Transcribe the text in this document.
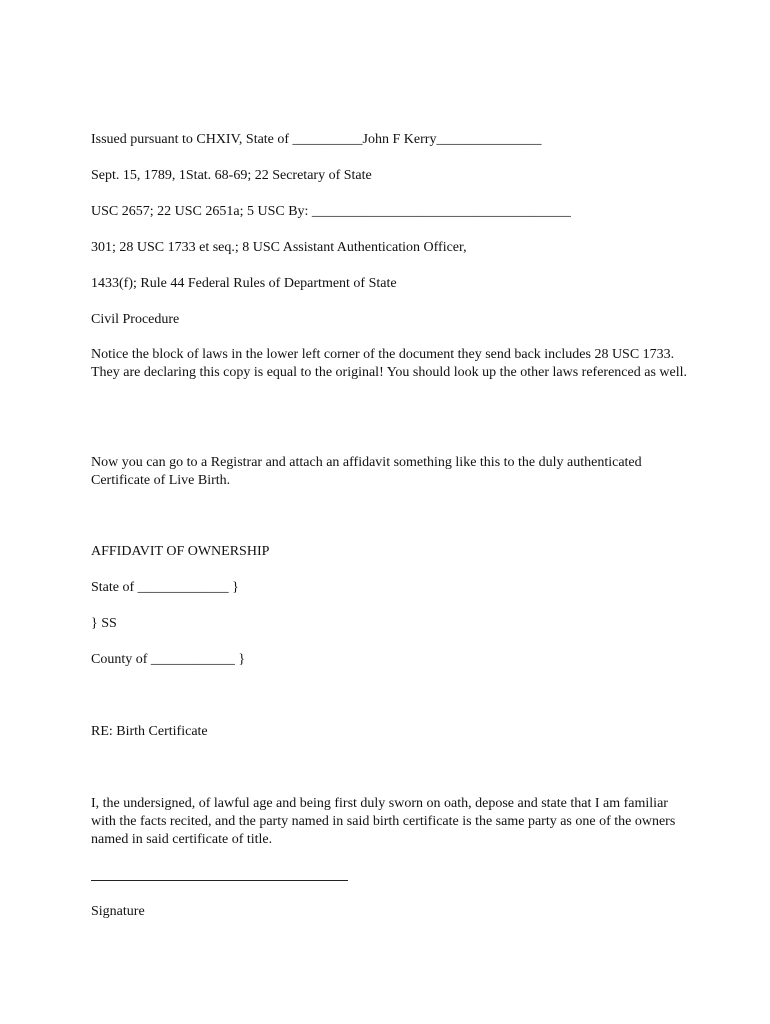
Issued pursuant to CHXIV, State of __________John F Kerry_______________

Sept. 15, 1789, 1Stat. 68-69; 22 Secretary of State

USC 2657; 22 USC 2651a; 5 USC By: _____________________________________

301; 28 USC 1733 et seq.; 8 USC Assistant Authentication Officer,

1433(f); Rule 44 Federal Rules of Department of State

Civil Procedure

Notice the block of laws in the lower left corner of the document they send back includes 28 USC 1733. They are declaring this copy is equal to the original! You should look up the other laws referenced as well.

Now you can go to a Registrar and attach an affidavit something like this to the duly authenticated Certificate of Live Birth.

AFFIDAVIT OF OWNERSHIP

State of _____________ }

} SS

County of ____________ }

RE: Birth Certificate

I, the undersigned, of lawful age and being first duly sworn on oath, depose and state that I am familiar with the facts recited, and the party named in said birth certificate is the same party as one of the owners named in said certificate of title.

Signature
